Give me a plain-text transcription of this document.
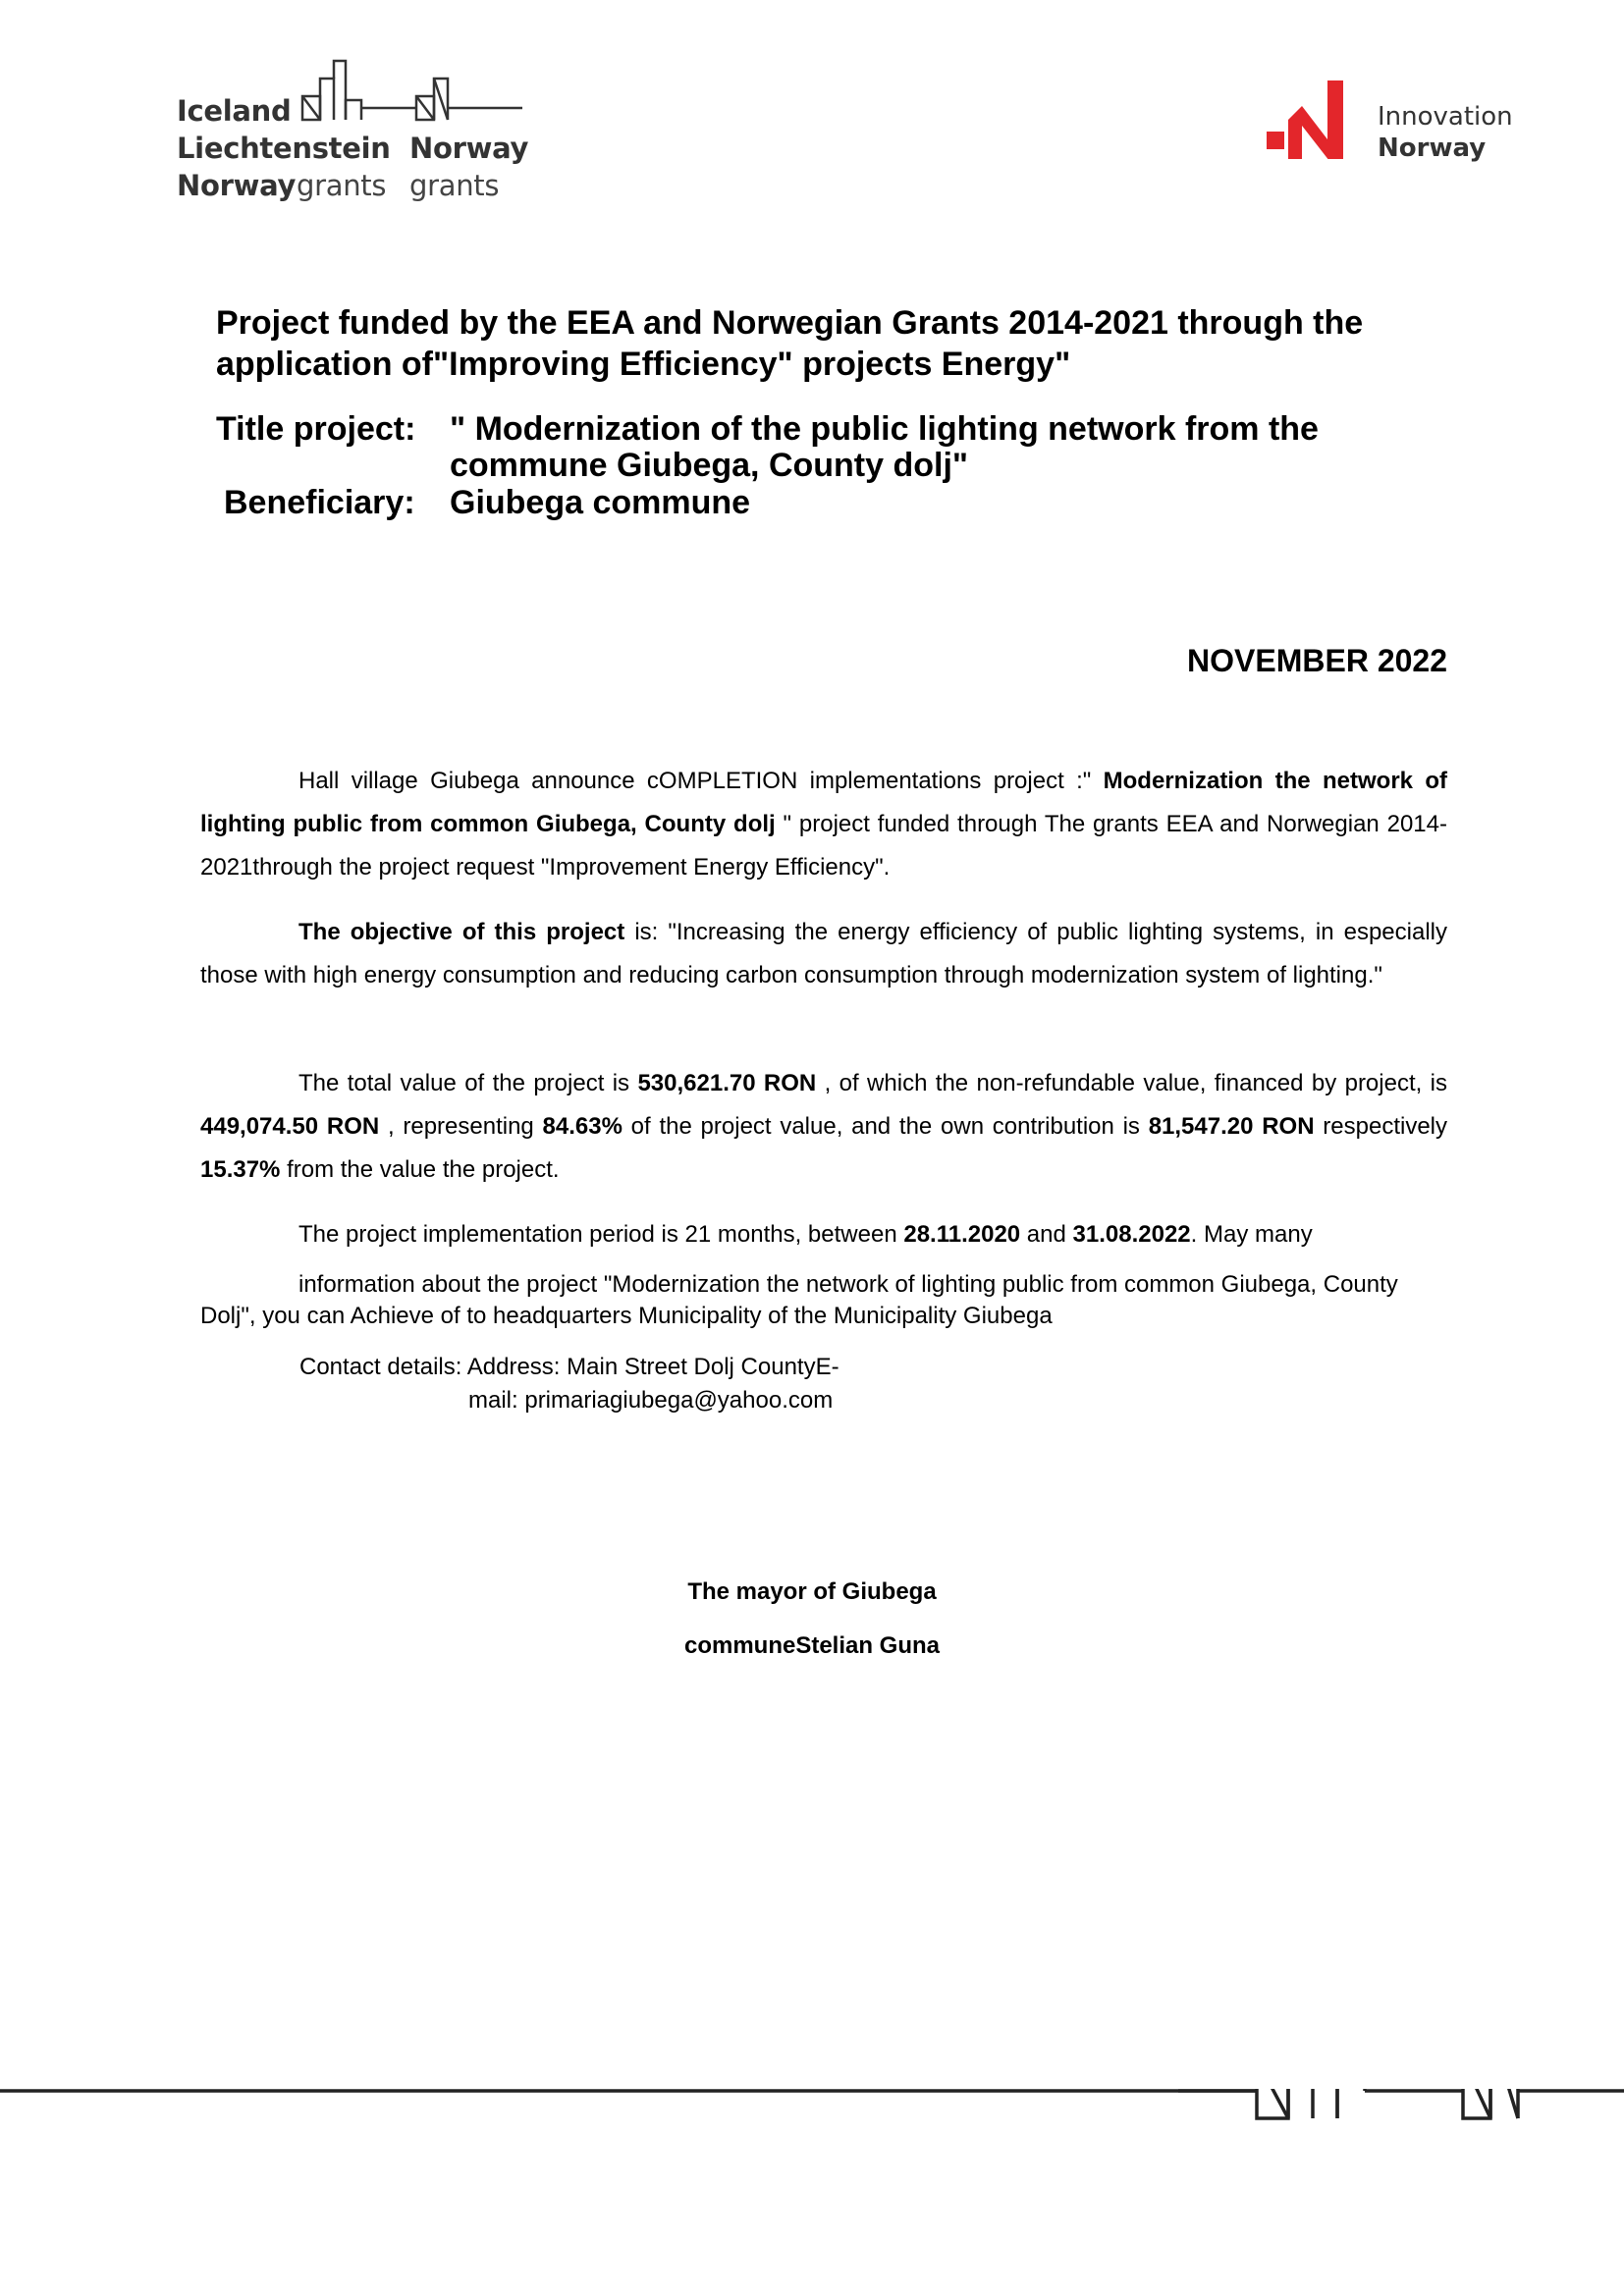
Iceland
Liechtenstein Norway
Norway grants grants
Innovation
Norway
Project funded by the EEA and Norwegian Grants 2014-2021 through the
application of"Improving Efficiency" projects Energy"
Title project: " Modernization of the public lighting network from the
commune Giubega, County dolj"
Beneficiary: Giubega commune
NOVEMBER 2022

Hall village Giubega announce cOMPLETION implementations project :" Modernization the network of lighting public from common Giubega, County dolj " project funded through The grants EEA and Norwegian 2014-2021through the project request "Improvement Energy Efficiency".

The objective of this project is: "Increasing the energy efficiency of public lighting systems, in especially those with high energy consumption and reducing carbon consumption through modernization system of lighting."

The total value of the project is 530,621.70 RON , of which the non-refundable value, financed by project, is 449,074.50 RON , representing 84.63% of the project value, and the own contribution is 81,547.20 RON respectively 15.37% from the value the project.

The project implementation period is 21 months, between 28.11.2020 and 31.08.2022. May many

information about the project "Modernization the network of lighting public from common Giubega, County
Dolj", you can Achieve of to headquarters Municipality of the Municipality Giubega
Contact details: Address: Main Street Dolj CountyE-
mail: primariagiubega@yahoo.com
The mayor of Giubega
communeStelian Guna
